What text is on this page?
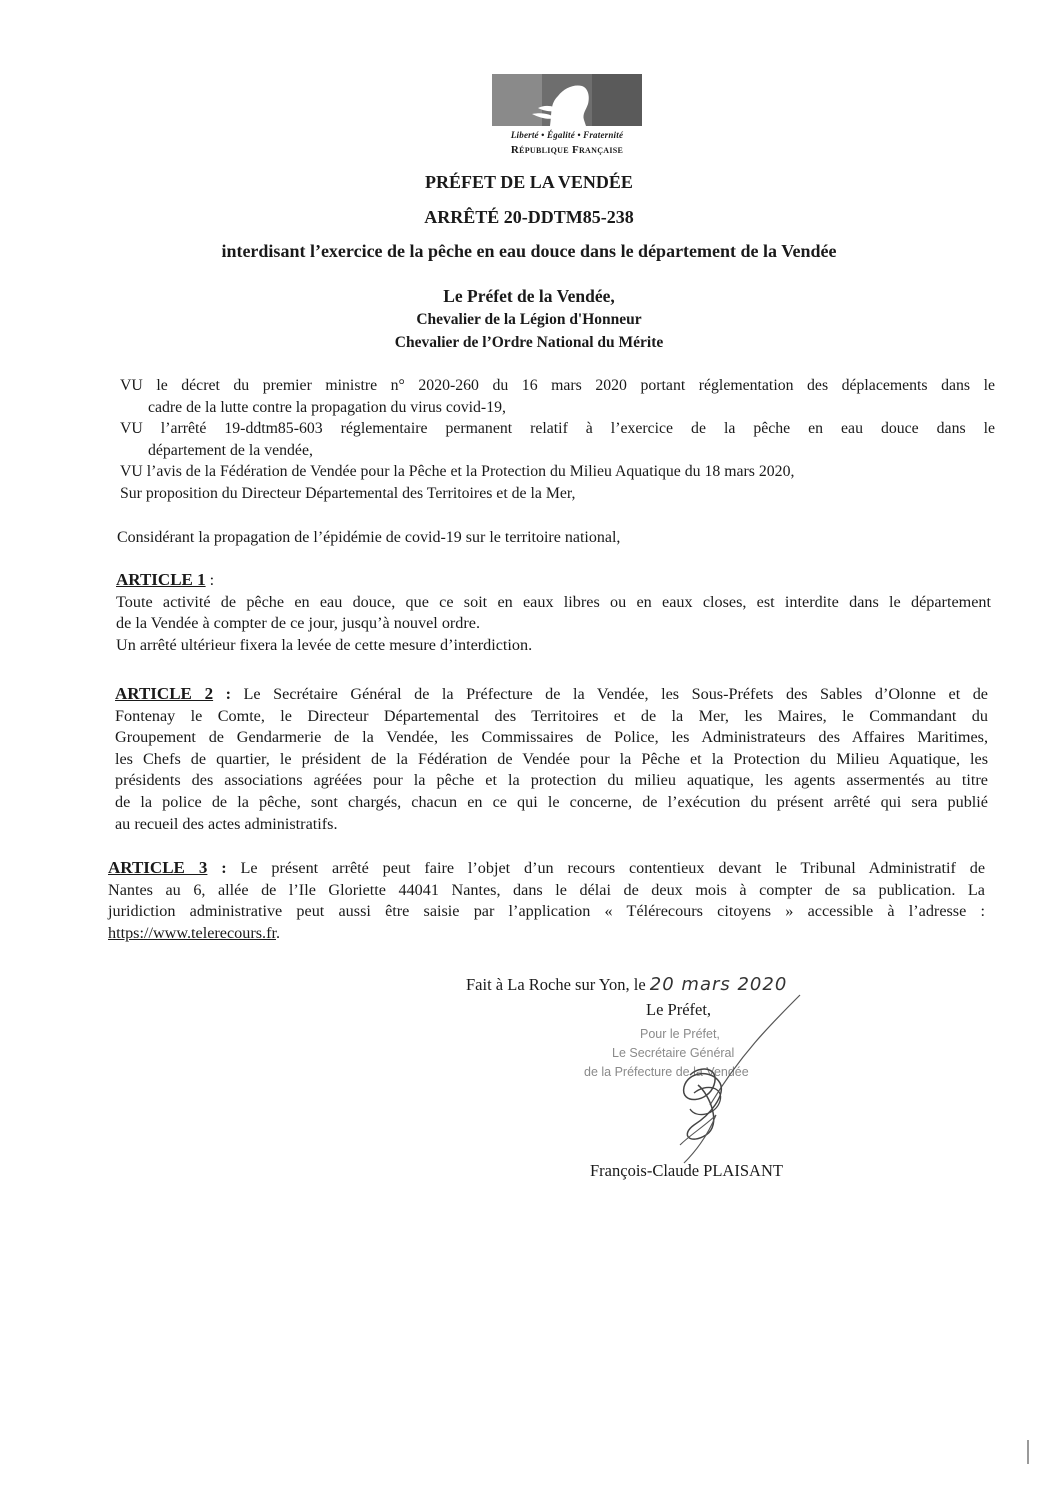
Liberté • Égalité • Fraternité
République Française
PRÉFET DE LA VENDÉE
ARRÊTÉ 20-DDTM85-238
interdisant l’exercice de la pêche en eau douce dans le département de la Vendée
Le Préfet de la Vendée,
Chevalier de la Légion d'Honneur
Chevalier de l’Ordre National du Mérite
VU le décret du premier ministre n° 2020-260 du 16 mars 2020 portant réglementation des déplacements dans le
cadre de la lutte contre la propagation du virus covid-19,
VU l’arrêté 19-ddtm85-603 réglementaire permanent relatif à l’exercice de la pêche en eau douce dans le
département de la vendée,
VU l’avis de la Fédération de Vendée pour la Pêche et la Protection du Milieu Aquatique du 18 mars 2020,
Sur proposition du Directeur Départemental des Territoires et de la Mer,
Considérant la propagation de l’épidémie de covid-19 sur le territoire national,
ARTICLE 1 :
Toute activité de pêche en eau douce, que ce soit en eaux libres ou en eaux closes, est interdite dans le département
de la Vendée à compter de ce jour, jusqu’à nouvel ordre.
Un arrêté ultérieur fixera la levée de cette mesure d’interdiction.
ARTICLE 2 : Le Secrétaire Général de la Préfecture de la Vendée, les Sous-Préfets des Sables d’Olonne et de
Fontenay le Comte, le Directeur Départemental des Territoires et de la Mer, les Maires, le Commandant du
Groupement de Gendarmerie de la Vendée, les Commissaires de Police, les Administrateurs des Affaires Maritimes,
les Chefs de quartier, le président de la Fédération de Vendée pour la Pêche et la Protection du Milieu Aquatique, les
présidents des associations agréées pour la pêche et la protection du milieu aquatique, les agents assermentés au titre
de la police de la pêche, sont chargés, chacun en ce qui le concerne, de l’exécution du présent arrêté qui sera publié
au recueil des actes administratifs.
ARTICLE 3 : Le présent arrêté peut faire l’objet d’un recours contentieux devant le Tribunal Administratif de
Nantes au 6, allée de l’Ile Gloriette 44041 Nantes, dans le délai de deux mois à compter de sa publication. La
juridiction administrative peut aussi être saisie par l’application « Télérecours citoyens » accessible à l’adresse :
https://www.telerecours.fr.
Fait à La Roche sur Yon, le 20 mars 2020
Le Préfet,
Pour le Préfet,
Le Secrétaire Général
de la Préfecture de la Vendée
François-Claude PLAISANT
